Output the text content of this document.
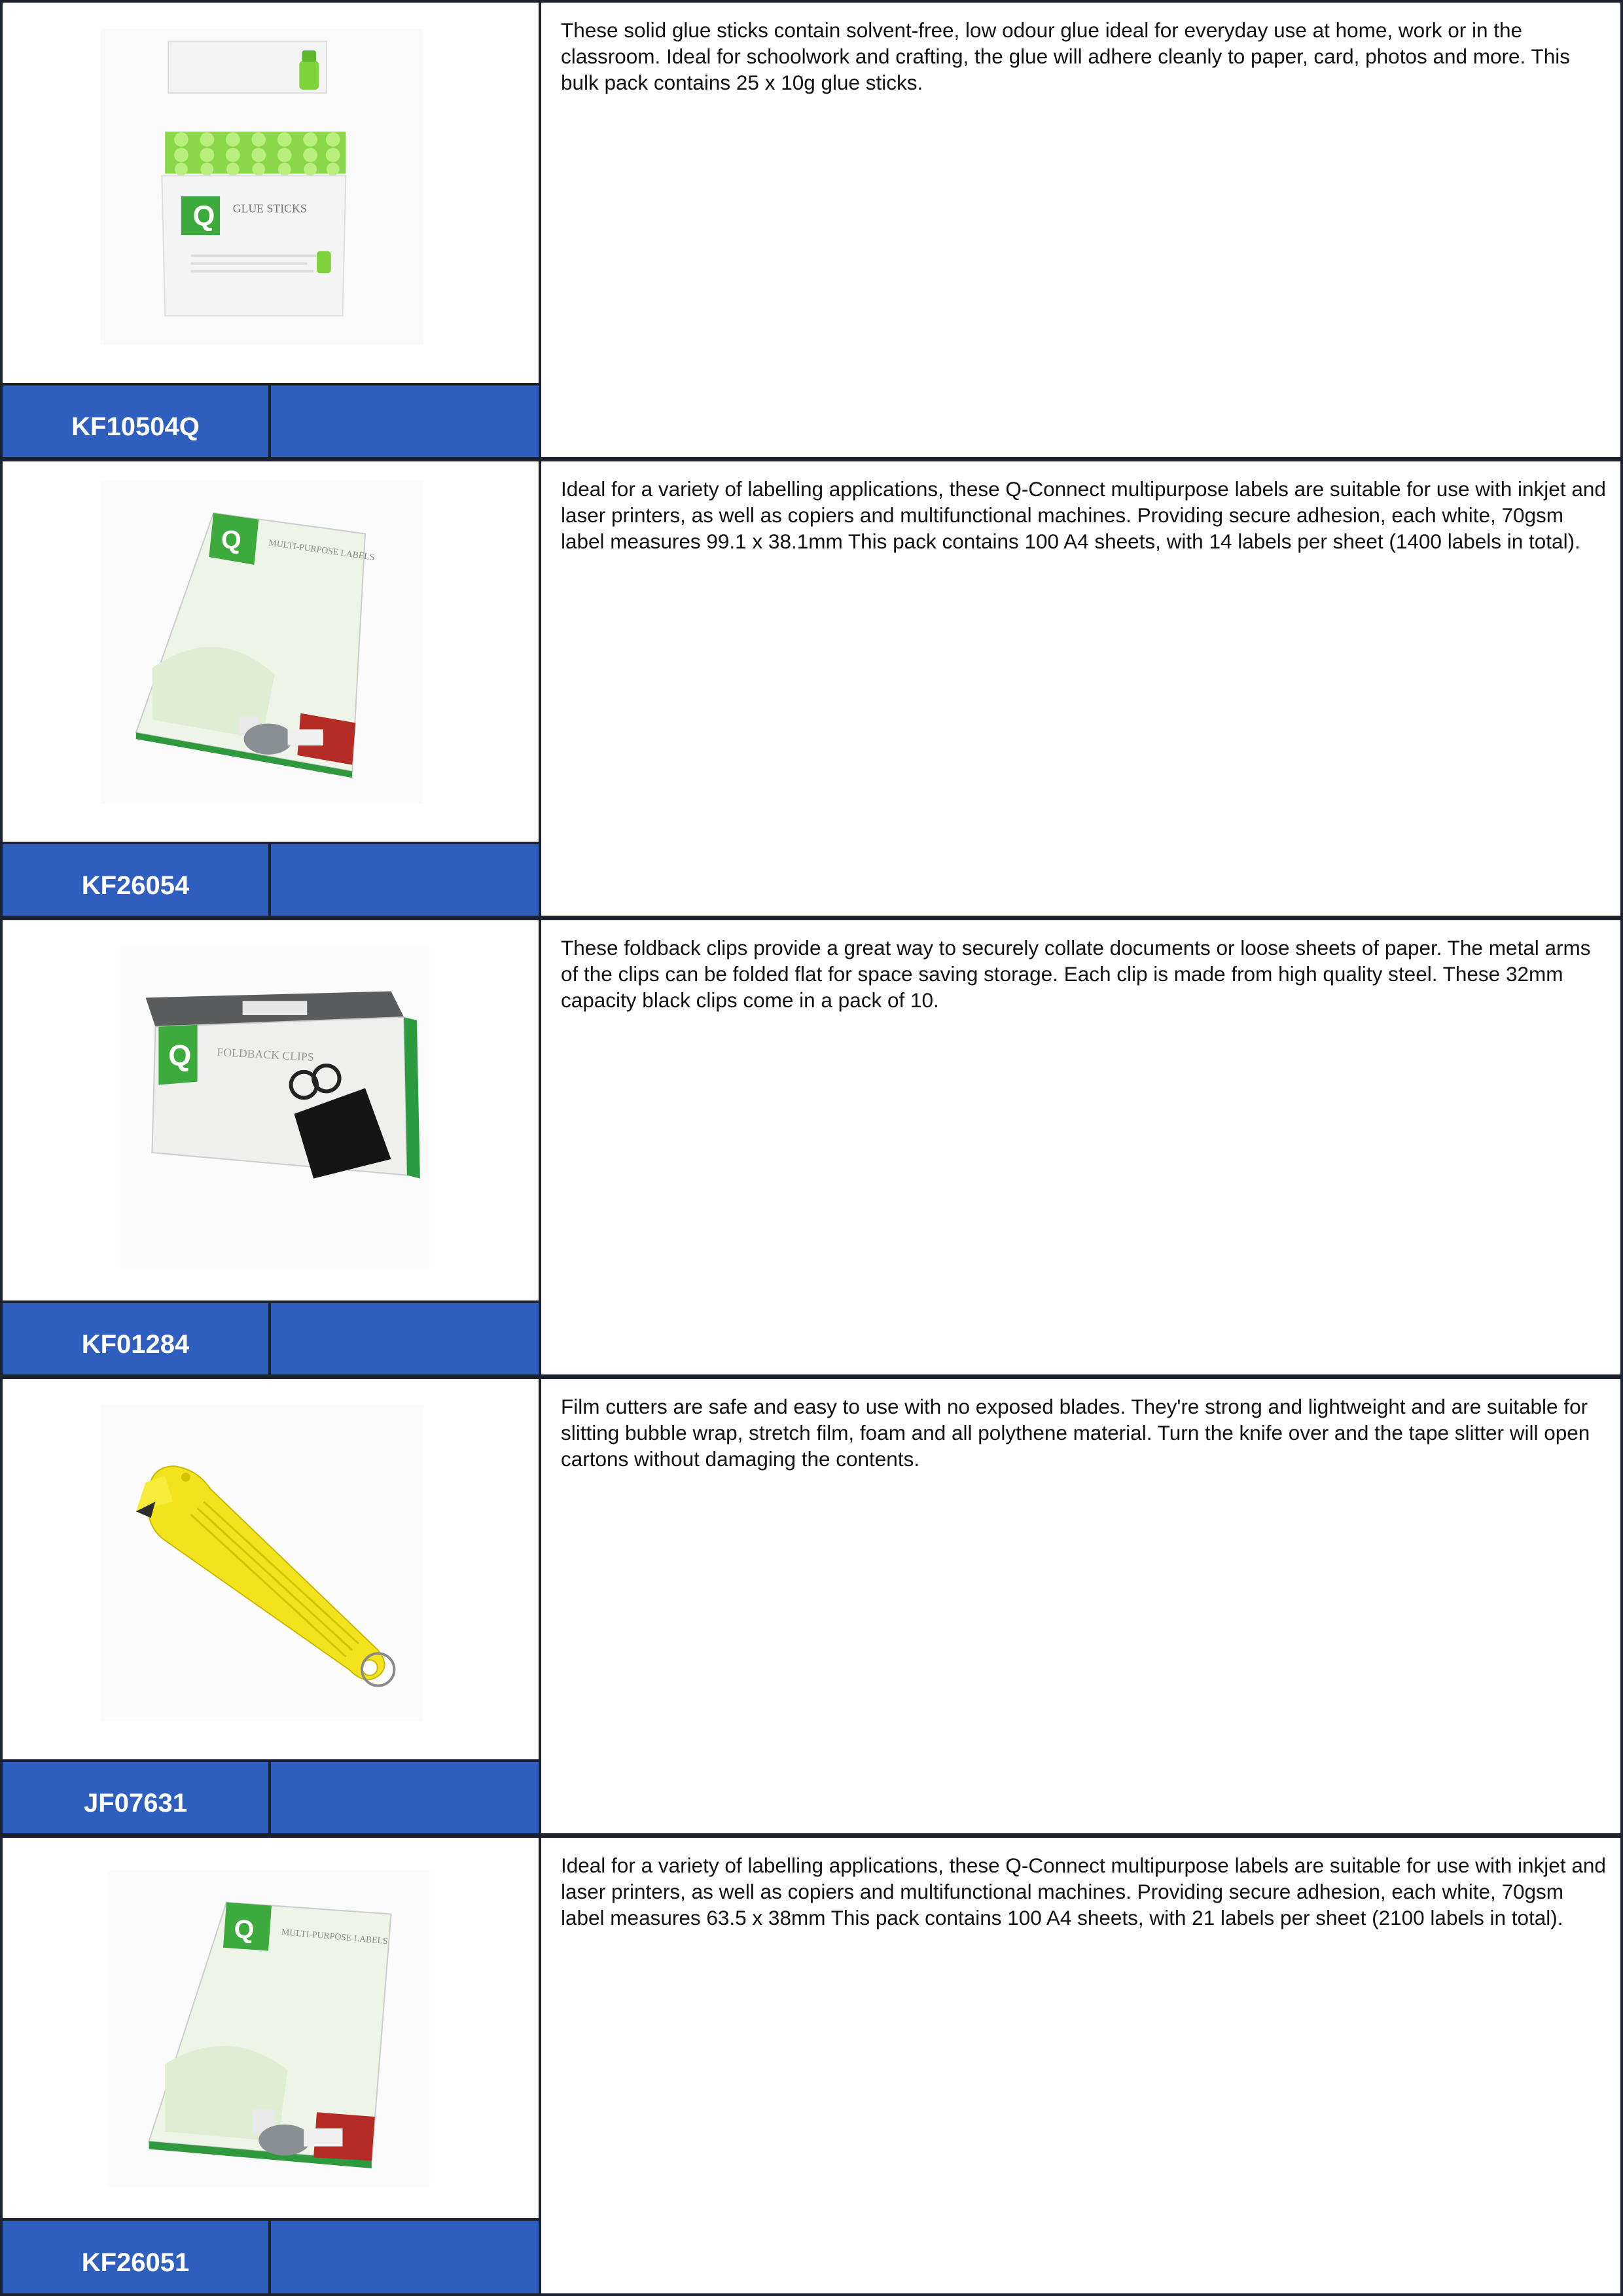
Q GLUE STICKS
KF10504Q
These solid glue sticks contain solvent-free, low odour glue ideal for everyday use at home, work or in the classroom. Ideal for schoolwork and crafting, the glue will adhere cleanly to paper, card, photos and more. This bulk pack contains 25 x 10g glue sticks.
Q	MULTI-PURPOSE LABELS
KF26054
Ideal for a variety of labelling applications, these Q-Connect multipurpose labels are suitable for use with inkjet and laser printers, as well as copiers and multifunctional machines. Providing secure adhesion, each white, 70gsm label measures 99.1 x 38.1mm This pack contains 100 A4 sheets, with 14 labels per sheet (1400 labels in total).
Q FOLDBACK CLIPS
KF01284
These foldback clips provide a great way to securely collate documents or loose sheets of paper. The metal arms of the clips can be folded flat for space saving storage. Each clip is made from high quality steel. These 32mm capacity black clips come in a pack of 10.
JF07631
Film cutters are safe and easy to use with no exposed blades. They're strong and lightweight and are suitable for slitting bubble wrap, stretch film, foam and all polythene material. Turn the knife over and the tape slitter will open cartons without damaging the contents.
Q	MULTI-PURPOSE LABELS
KF26051
Ideal for a variety of labelling applications, these Q-Connect multipurpose labels are suitable for use with inkjet and laser printers, as well as copiers and multifunctional machines. Providing secure adhesion, each white, 70gsm label measures 63.5 x 38mm This pack contains 100 A4 sheets, with 21 labels per sheet (2100 labels in total).
